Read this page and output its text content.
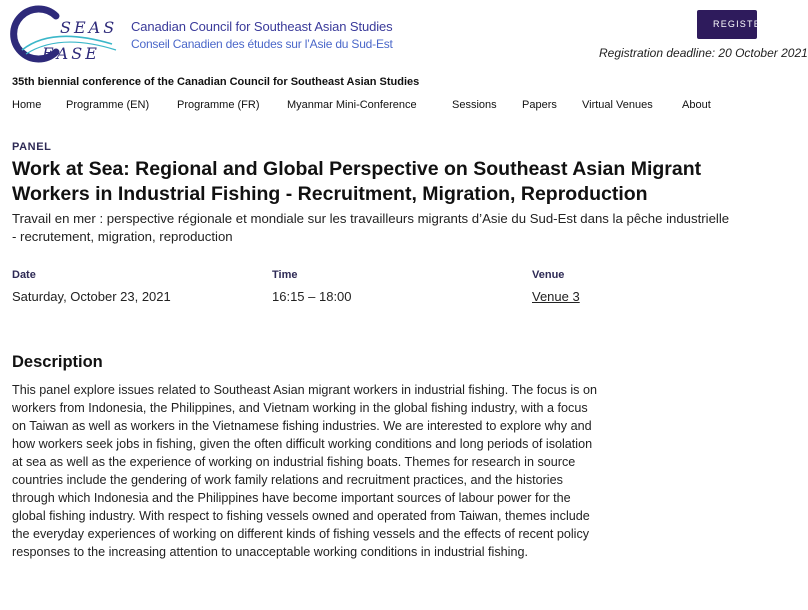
SEAS
EASE
Canadian Council for Southeast Asian Studies
Conseil Canadien des études sur l’Asie du Sud-Est
REGISTER
Registration deadline: 20 October 2021
35th biennial conference of the Canadian Council for Southeast Asian Studies
Home Programme (EN)	Programme (FR) Myanmar Mini-Conference	Sessions Papers Virtual Venues	About
PANEL
Work at Sea: Regional and Global Perspective on Southeast Asian Migrant Workers in Industrial Fishing - Recruitment, Migration, Reproduction
Travail en mer : perspective régionale et mondiale sur les travailleurs migrants d’Asie du Sud-Est dans la pêche industrielle - recrutement, migration, reproduction
Date
Saturday, October 23, 2021
Time
16:15 – 18:00
Venue
Venue 3
Description

This panel explore issues related to Southeast Asian migrant workers in industrial fishing. The focus is on workers from Indonesia, the Philippines, and Vietnam working in the global fishing industry, with a focus on Taiwan as well as workers in the Vietnamese fishing industries. We are interested to explore why and how workers seek jobs in fishing, given the often difficult working conditions and long periods of isolation at sea as well as the experience of working on industrial fishing boats. Themes for research in source countries include the gendering of work family relations and recruitment practices, and the histories through which Indonesia and the Philippines have become important sources of labour power for the global fishing industry. With respect to fishing vessels owned and operated from Taiwan, themes include the everyday experiences of working on different kinds of fishing vessels and the effects of recent policy responses to the increasing attention to unacceptable working conditions in industrial fishing.
